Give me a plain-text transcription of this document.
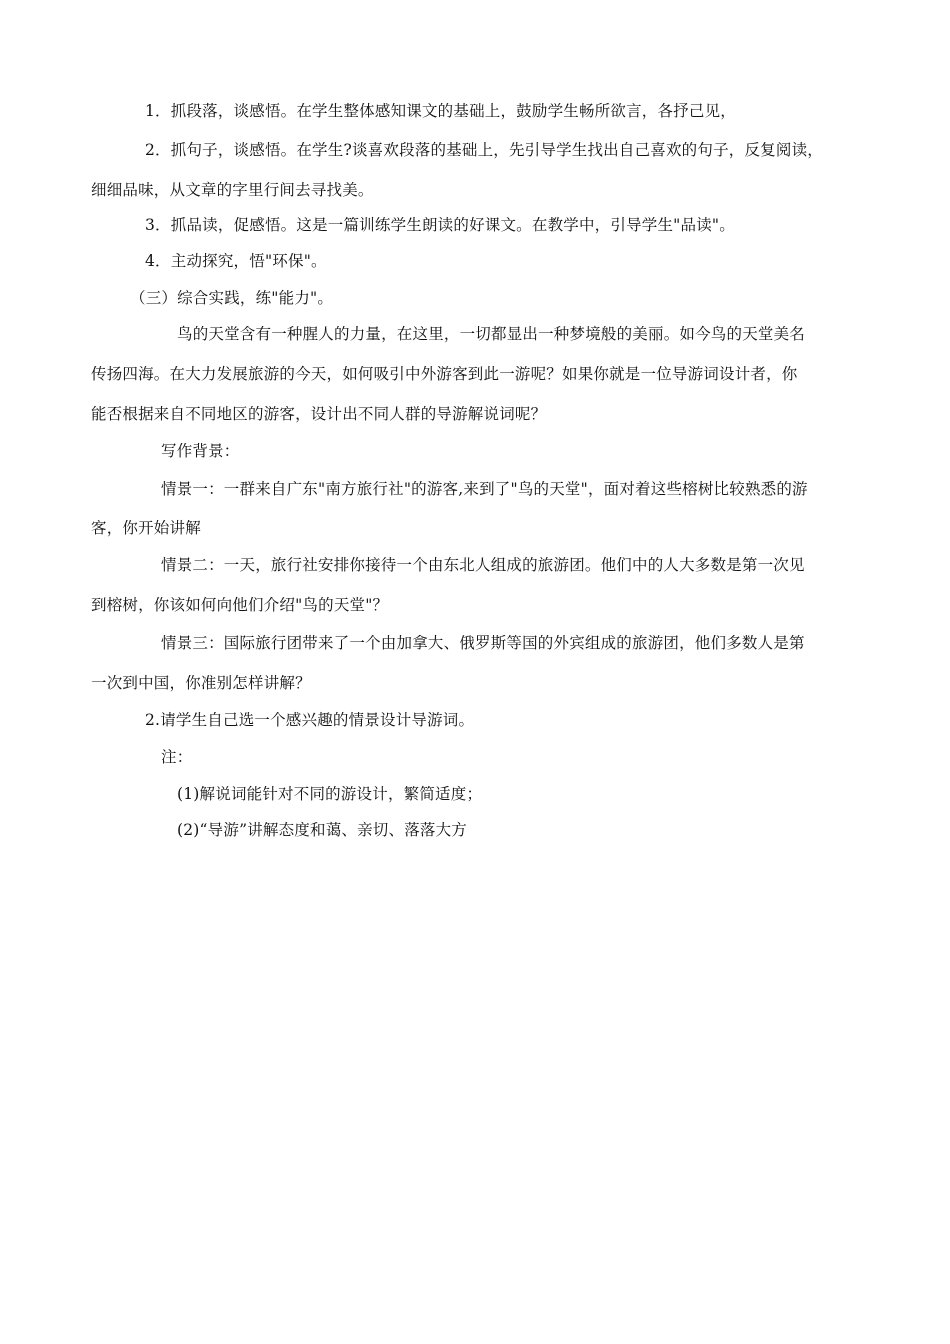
1．抓段落，谈感悟。在学生整体感知课文的基础上，鼓励学生畅所欲言，各抒己见，
2．抓句子，谈感悟。在学生?谈喜欢段落的基础上，先引导学生找出自己喜欢的句子，反复阅读，
细细品味，从文章的字里行间去寻找美。
3．抓品读，促感悟。这是一篇训练学生朗读的好课文。在教学中，引导学生"品读"。
4．主动探究，悟"环保"。
（三）综合实践，练"能力"。
鸟的天堂含有一种腥人的力量，在这里，一切都显出一种梦境般的美丽。如今鸟的天堂美名
传扬四海。在大力发展旅游的今天，如何吸引中外游客到此一游呢？如果你就是一位导游词设计者，你
能否根据来自不同地区的游客，设计出不同人群的导游解说词呢？
写作背景：
情景一：一群来自广东"南方旅行社"的游客,来到了"鸟的天堂"，面对着这些榕树比较熟悉的游
客，你开始讲解
情景二：一天，旅行社安排你接待一个由东北人组成的旅游团。他们中的人大多数是第一次见
到榕树，你该如何向他们介绍"鸟的天堂"？
情景三：国际旅行团带来了一个由加拿大、俄罗斯等国的外宾组成的旅游团，他们多数人是第
一次到中国，你准别怎样讲解？
2.请学生自己选一个感兴趣的情景设计导游词。
注：
(1)解说词能针对不同的游设计，繁简适度；
(2)“导游”讲解态度和蔼、亲切、落落大方
